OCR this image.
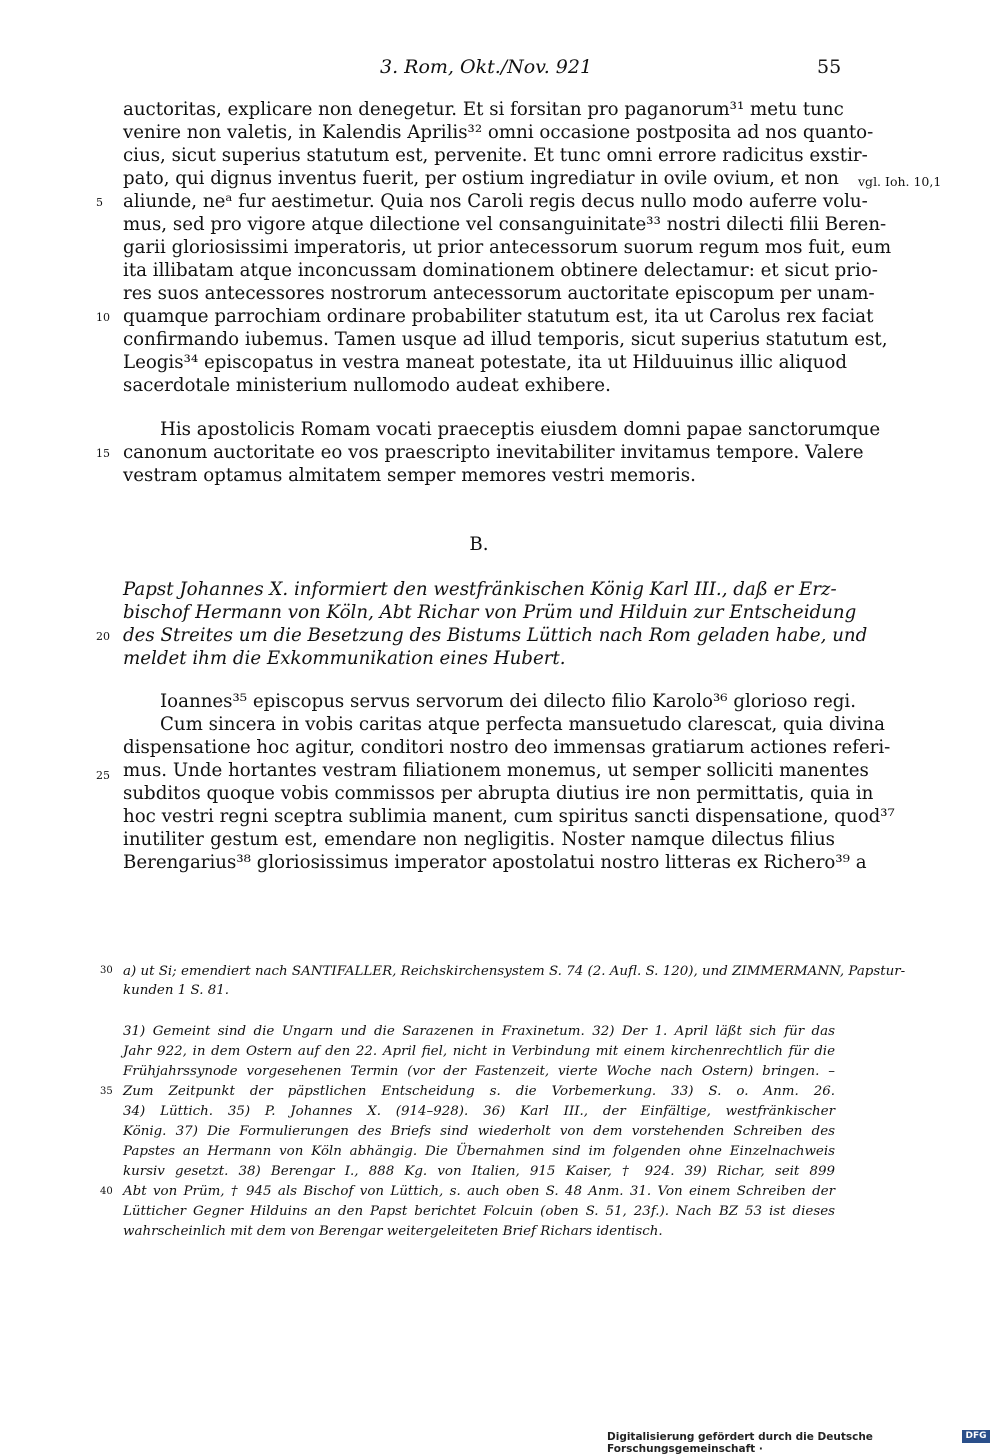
3. Rom, Okt./Nov. 921	55
vgl. Ioh. 10,1
5
10
15
20
25
auctoritas, explicare non denegetur. Et si forsitan pro paganorum³¹ metu tunc
venire non valetis, in Kalendis Aprilis³² omni occasione postposita ad nos quanto-
cius, sicut superius statutum est, pervenite. Et tunc omni errore radicitus exstir-
pato, qui dignus inventus fuerit, per ostium ingrediatur in ovile ovium, et non
aliunde, neᵃ fur aestimetur. Quia nos Caroli regis decus nullo modo auferre volu-
mus, sed pro vigore atque dilectione vel consanguinitate³³ nostri dilecti filii Beren-
garii gloriosissimi imperatoris, ut prior antecessorum suorum regum mos fuit, eum
ita illibatam atque inconcussam dominationem obtinere delectamur: et sicut prio-
res suos antecessores nostrorum antecessorum auctoritate episcopum per unam-
quamque parrochiam ordinare probabiliter statutum est, ita ut Carolus rex faciat
confirmando iubemus. Tamen usque ad illud temporis, sicut superius statutum est,
Leogis³⁴ episcopatus in vestra maneat potestate, ita ut Hilduuinus illic aliquod
sacerdotale ministerium nullomodo audeat exhibere.
His apostolicis Romam vocati praeceptis eiusdem domni papae sanctorumque
canonum auctoritate eo vos praescripto inevitabiliter invitamus tempore. Valere
vestram optamus almitatem semper memores vestri memoris.
B.
Papst Johannes X. informiert den westfränkischen König Karl III., daß er Erz-
bischof Hermann von Köln, Abt Richar von Prüm und Hilduin zur Entscheidung
des Streites um die Besetzung des Bistums Lüttich nach Rom geladen habe, und
meldet ihm die Exkommunikation eines Hubert.
Ioannes³⁵ episcopus servus servorum dei dilecto filio Karolo³⁶ glorioso regi.
Cum sincera in vobis caritas atque perfecta mansuetudo clarescat, quia divina
dispensatione hoc agitur, conditori nostro deo immensas gratiarum actiones referi-
mus. Unde hortantes vestram filiationem monemus, ut semper solliciti manentes
subditos quoque vobis commissos per abrupta diutius ire non permittatis, quia in
hoc vestri regni sceptra sublimia manent, cum spiritus sancti dispensatione, quod³⁷
inutiliter gestum est, emendare non negligitis. Noster namque dilectus filius
Berengarius³⁸ gloriosissimus imperator apostolatui nostro litteras ex Richero³⁹ a
30
35
40
a) ut Si; emendiert nach SANTIFALLER, Reichskirchensystem S. 74 (2. Aufl. S. 120), und ZIMMERMANN, Papstur-
kunden 1 S. 81.
31) Gemeint sind die Ungarn und die Sarazenen in Fraxinetum. 32) Der 1. April läßt sich für das
Jahr 922, in dem Ostern auf den 22. April fiel, nicht in Verbindung mit einem kirchenrechtlich für die
Frühjahrssynode vorgesehenen Termin (vor der Fastenzeit, vierte Woche nach Ostern) bringen. –
Zum Zeitpunkt der päpstlichen Entscheidung s. die Vorbemerkung. 33) S. o. Anm. 26.
34) Lüttich. 35) P. Johannes X. (914–928). 36) Karl III., der Einfältige, westfränkischer
König. 37) Die Formulierungen des Briefs sind wiederholt von dem vorstehenden Schreiben des
Papstes an Hermann von Köln abhängig. Die Übernahmen sind im folgenden ohne Einzelnachweis
kursiv gesetzt. 38) Berengar I., 888 Kg. von Italien, 915 Kaiser, † 924. 39) Richar, seit 899
Abt von Prüm, † 945 als Bischof von Lüttich, s. auch oben S. 48 Anm. 31. Von einem Schreiben der
Lütticher Gegner Hilduins an den Papst berichtet Folcuin (oben S. 51, 23f.). Nach BZ 53 ist dieses
wahrscheinlich mit dem von Berengar weitergeleiteten Brief Richars identisch.
Digitalisierung gefördert durch die Deutsche Forschungsgemeinschaft ·
DFG
